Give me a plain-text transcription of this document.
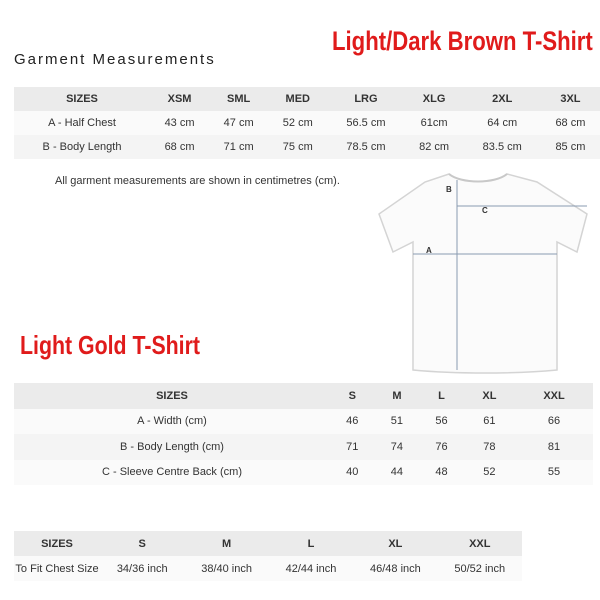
Garment Measurements
Light/Dark Brown T-Shirt
SIZES	XSM	SML	MED	LRG	XLG	2XL	3XL
A - Half Chest	43 cm	47 cm	52 cm	56.5 cm	61cm	64 cm	68 cm
B - Body Length	68 cm	71 cm	75 cm	78.5 cm	82 cm	83.5 cm	85 cm
All garment measurements are shown in centimetres (cm).
A
B
C
Light Gold T-Shirt
SIZES	S	M	L	XL	XXL
A - Width (cm)	46	51	56	61	66
B - Body Length (cm)	71	74	76	78	81
C - Sleeve Centre Back (cm)	40	44	48	52	55
SIZES	S	M	L	XL	XXL
To Fit Chest Size	34/36 inch	38/40 inch	42/44 inch	46/48 inch	50/52 inch
